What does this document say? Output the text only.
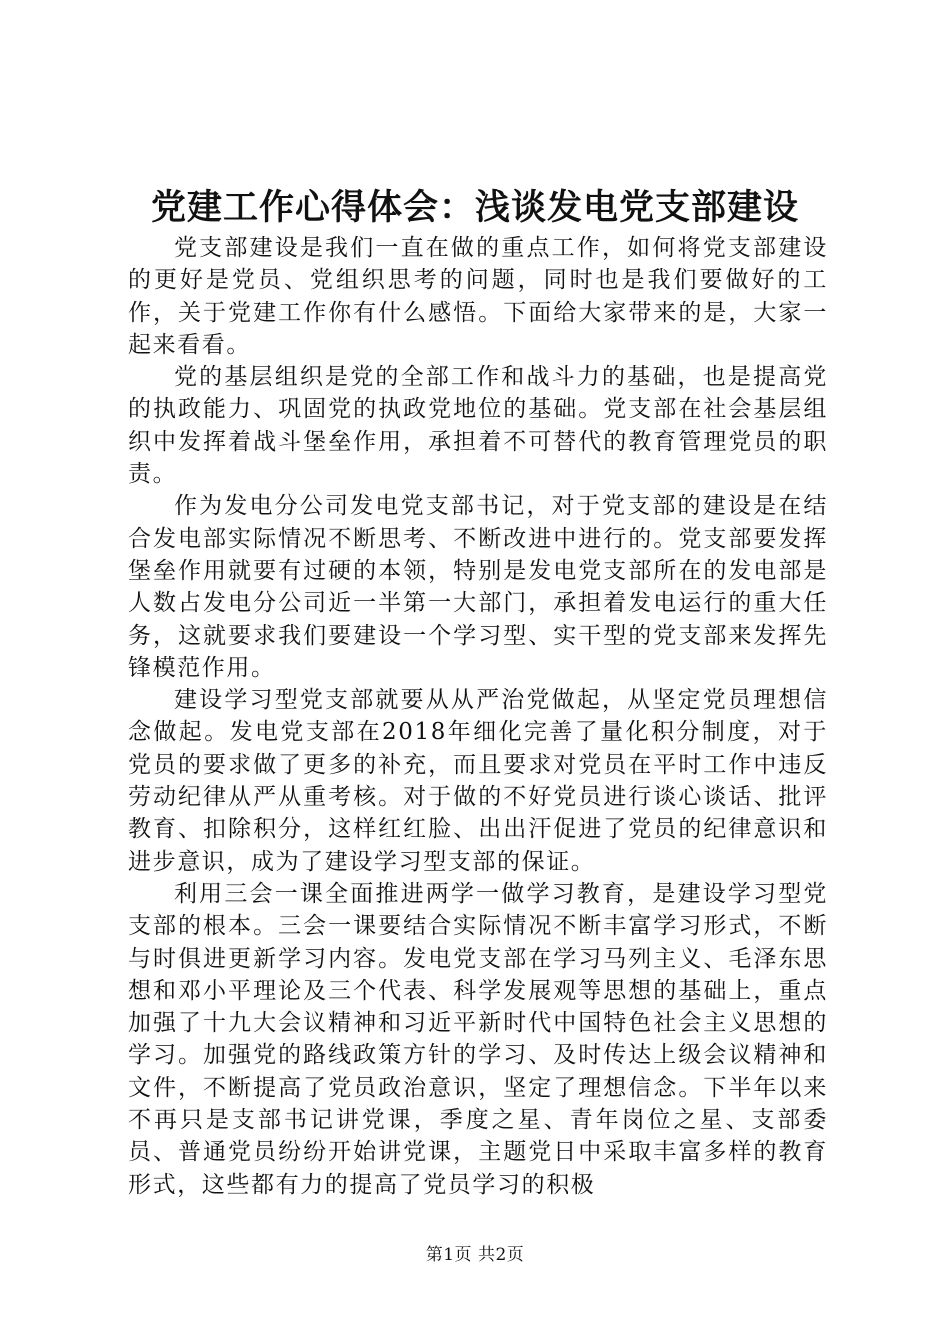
党建工作心得体会：浅谈发电党支部建设

党支部建设是我们一直在做的重点工作，如何将党支部建设的更好是党员、党组织思考的问题，同时也是我们要做好的工作，关于党建工作你有什么感悟。下面给大家带来的是，大家一起来看看。

党的基层组织是党的全部工作和战斗力的基础，也是提高党的执政能力、巩固党的执政党地位的基础。党支部在社会基层组织中发挥着战斗堡垒作用，承担着不可替代的教育管理党员的职责。

作为发电分公司发电党支部书记，对于党支部的建设是在结合发电部实际情况不断思考、不断改进中进行的。党支部要发挥堡垒作用就要有过硬的本领，特别是发电党支部所在的发电部是人数占发电分公司近一半第一大部门，承担着发电运行的重大任务，这就要求我们要建设一个学习型、实干型的党支部来发挥先锋模范作用。

建设学习型党支部就要从从严治党做起，从坚定党员理想信念做起。发电党支部在2018年细化完善了量化积分制度，对于党员的要求做了更多的补充，而且要求对党员在平时工作中违反劳动纪律从严从重考核。对于做的不好党员进行谈心谈话、批评教育、扣除积分，这样红红脸、出出汗促进了党员的纪律意识和进步意识，成为了建设学习型支部的保证。

利用三会一课全面推进两学一做学习教育，是建设学习型党支部的根本。三会一课要结合实际情况不断丰富学习形式，不断与时俱进更新学习内容。发电党支部在学习马列主义、毛泽东思想和邓小平理论及三个代表、科学发展观等思想的基础上，重点加强了十九大会议精神和习近平新时代中国特色社会主义思想的学习。加强党的路线政策方针的学习、及时传达上级会议精神和文件，不断提高了党员政治意识，坚定了理想信念。下半年以来不再只是支部书记讲党课，季度之星、青年岗位之星、支部委员、普通党员纷纷开始讲党课，主题党日中采取丰富多样的教育形式，这些都有力的提高了党员学习的积极

第1页 共2页
